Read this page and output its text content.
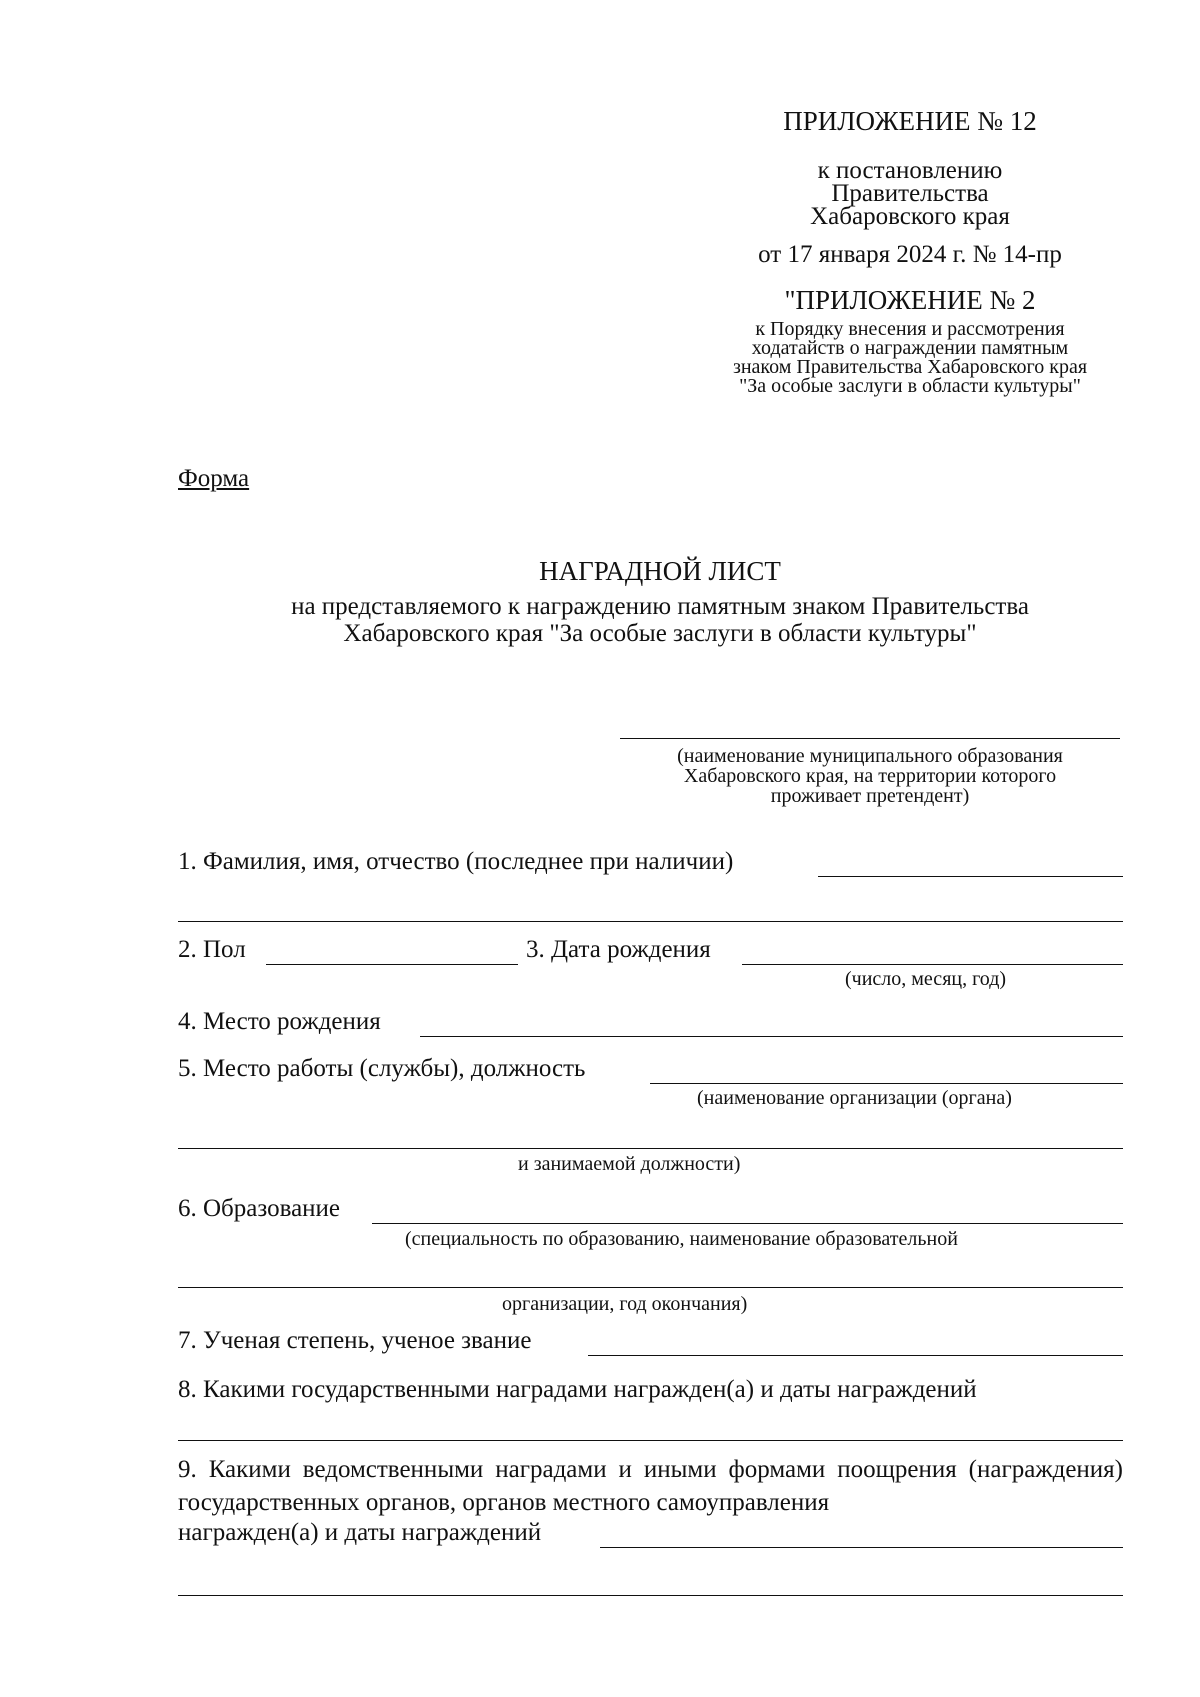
ПРИЛОЖЕНИЕ № 12
к постановлению
Правительства
Хабаровского края
от 17 января 2024 г. № 14-пр
"ПРИЛОЖЕНИЕ № 2
к Порядку внесения и рассмотрения
ходатайств о награждении памятным
знаком Правительства Хабаровского края
"За особые заслуги в области культуры"
Форма
НАГРАДНОЙ ЛИСТ
на представляемого к награждению памятным знаком Правительства
Хабаровского края "За особые заслуги в области культуры"
(наименование муниципального образования
Хабаровского края, на территории которого
проживает претендент)
1. Фамилия, имя, отчество (последнее при наличии)
2. Пол	3. Дата рождения
(число, месяц, год)
4. Место рождения
5. Место работы (службы), должность
(наименование организации (органа)
и занимаемой должности)
6. Образование
(специальность по образованию, наименование образовательной
организации, год окончания)
7. Ученая степень, ученое звание
8. Какими государственными наградами награжден(а) и даты награждений
9. Какими ведомственными наградами и иными формами поощрения (награждения) государственных органов, органов местного самоуправления
награжден(а) и даты награждений
